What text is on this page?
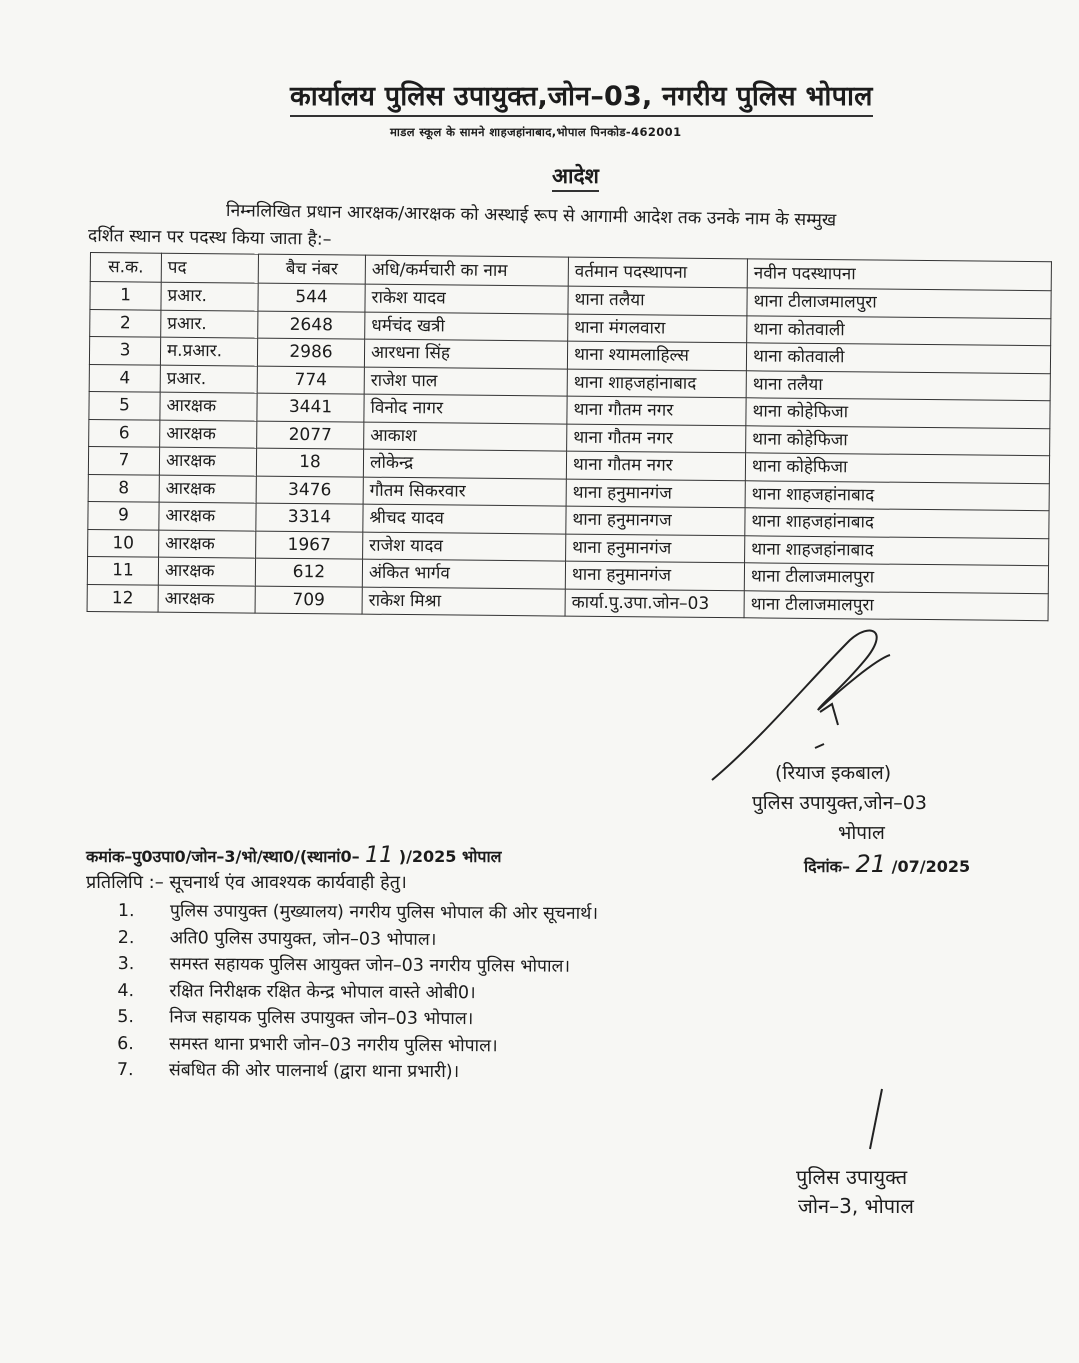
कार्यालय पुलिस उपायुक्त,जोन–03, नगरीय पुलिस भोपाल
माडल स्कूल के सामने शाहजहांनाबाद,भोपाल पिनकोड-462001
आदेश
निम्नलिखित प्रधान आरक्षक/आरक्षक को अस्थाई रूप से आगामी आदेश तक उनके नाम के सम्मुख
दर्शित स्थान पर पदस्थ किया जाता है:–
स.क.	पद	बैच नंबर	अधि/कर्मचारी का नाम	वर्तमान पदस्थापना	नवीन पदस्थापना
1	प्रआर.	544	राकेश यादव	थाना तलैया	थाना टीलाजमालपुरा
2	प्रआर.	2648	धर्मचंद खत्री	थाना मंगलवारा	थाना कोतवाली
3	म.प्रआर.	2986	आरधना सिंह	थाना श्यामलाहिल्स	थाना कोतवाली
4	प्रआर.	774	राजेश पाल	थाना शाहजहांनाबाद	थाना तलैया
5	आरक्षक	3441	विनोद नागर	थाना गौतम नगर	थाना कोहेफिजा
6	आरक्षक	2077	आकाश	थाना गौतम नगर	थाना कोहेफिजा
7	आरक्षक	18	लोकेन्द्र	थाना गौतम नगर	थाना कोहेफिजा
8	आरक्षक	3476	गौतम सिकरवार	थाना हनुमानगंज	थाना शाहजहांनाबाद
9	आरक्षक	3314	श्रीचद यादव	थाना हनुमानगज	थाना शाहजहांनाबाद
10	आरक्षक	1967	राजेश यादव	थाना हनुमानगंज	थाना शाहजहांनाबाद
11	आरक्षक	612	अंकित भार्गव	थाना हनुमानगंज	थाना टीलाजमालपुरा
12	आरक्षक	709	राकेश मिश्रा	कार्या.पु.उपा.जोन–03	थाना टीलाजमालपुरा
(रियाज इकबाल)
पुलिस उपायुक्त,जोन–03
भोपाल
दिनांक– 21 /07/2025
कमांक–पु0उपा0/जोन–3/भो/स्था0/(स्थानां0– 11 )/2025 भोपाल
प्रतिलिपि :– सूचनार्थ एंव आवश्यक कार्यवाही हेतु।
1. पुलिस उपायुक्त (मुख्यालय) नगरीय पुलिस भोपाल की ओर सूचनार्थ।
2. अति0 पुलिस उपायुक्त, जोन–03 भोपाल।
3. समस्त सहायक पुलिस आयुक्त जोन–03 नगरीय पुलिस भोपाल।
4. रक्षित निरीक्षक रक्षित केन्द्र भोपाल वास्ते ओबी0।
5. निज सहायक पुलिस उपायुक्त जोन–03 भोपाल।
6. समस्त थाना प्रभारी जोन–03 नगरीय पुलिस भोपाल।
7. संबधित की ओर पालनार्थ (द्वारा थाना प्रभारी)।
पुलिस उपायुक्त
जोन–3, भोपाल
